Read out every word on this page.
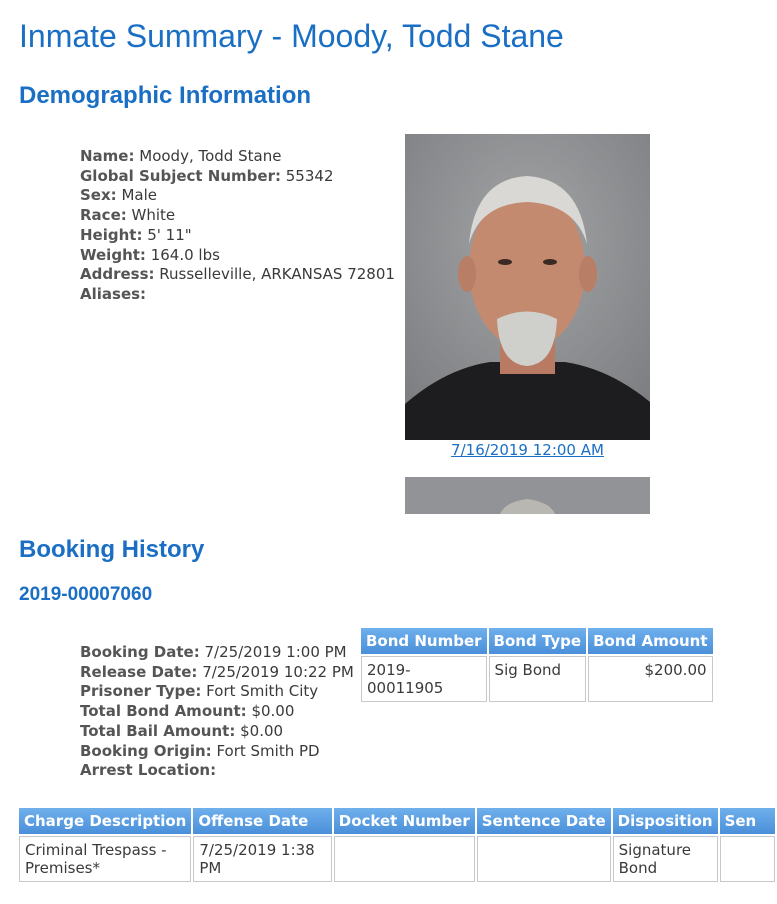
Inmate Summary - Moody, Todd Stane
Demographic Information
Name: Moody, Todd Stane
Global Subject Number: 55342
Sex: Male
Race: White
Height: 5' 11"
Weight: 164.0 lbs
Address: Russelleville, ARKANSAS 72801
Aliases:
7/16/2019 12:00 AM
Booking History
2019-00007060
Booking Date: 7/25/2019 1:00 PM
Release Date: 7/25/2019 10:22 PM
Prisoner Type: Fort Smith City
Total Bond Amount: $0.00
Total Bail Amount: $0.00
Booking Origin: Fort Smith PD
Arrest Location:
Bond Number	Bond Type	Bond Amount
2019-00011905	Sig Bond	$200.00
Charge Description	Offense Date	Docket Number	Sentence Date	Disposition	Sen
Criminal Trespass - Premises*	7/25/2019 1:38 PM			Signature Bond	
